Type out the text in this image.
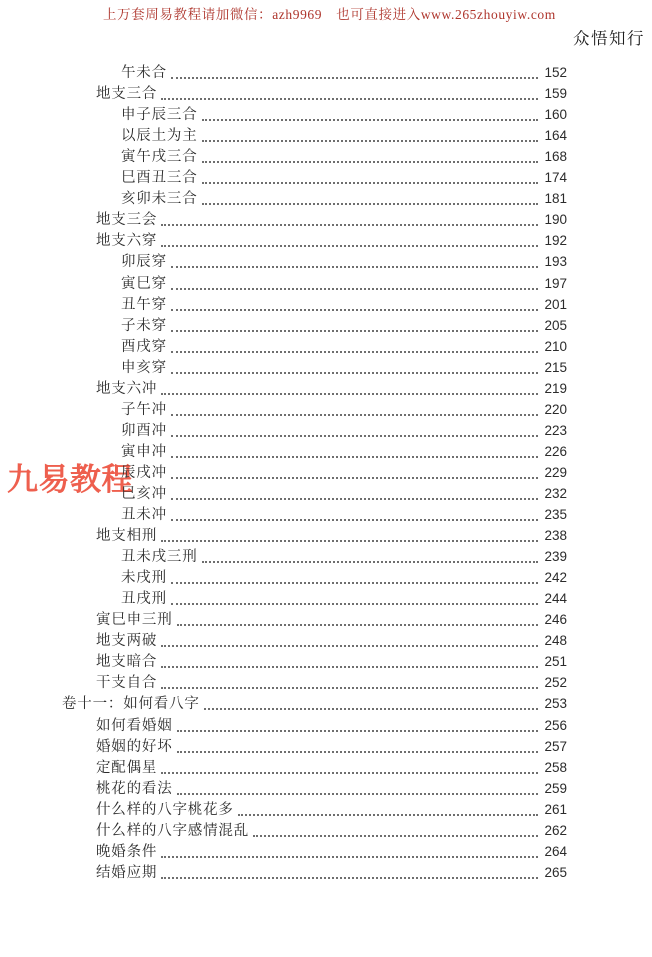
上万套周易教程请加微信：azh9969　也可直接进入www.265zhouyiw.com
众悟知行
九易教程
午未合	152
地支三合	159
申子辰三合	160
以辰土为主	164
寅午戌三合	168
巳酉丑三合	174
亥卯未三合	181
地支三会	190
地支六穿	192
卯辰穿	193
寅巳穿	197
丑午穿	201
子未穿	205
酉戌穿	210
申亥穿	215
地支六冲	219
子午冲	220
卯酉冲	223
寅申冲	226
辰戌冲	229
巳亥冲	232
丑未冲	235
地支相刑	238
丑未戌三刑	239
未戌刑	242
丑戌刑	244
寅巳申三刑	246
地支两破	248
地支暗合	251
干支自合	252
卷十一：如何看八字	253
如何看婚姻	256
婚姻的好坏	257
定配偶星	258
桃花的看法	259
什么样的八字桃花多	261
什么样的八字感情混乱	262
晚婚条件	264
结婚应期	265
